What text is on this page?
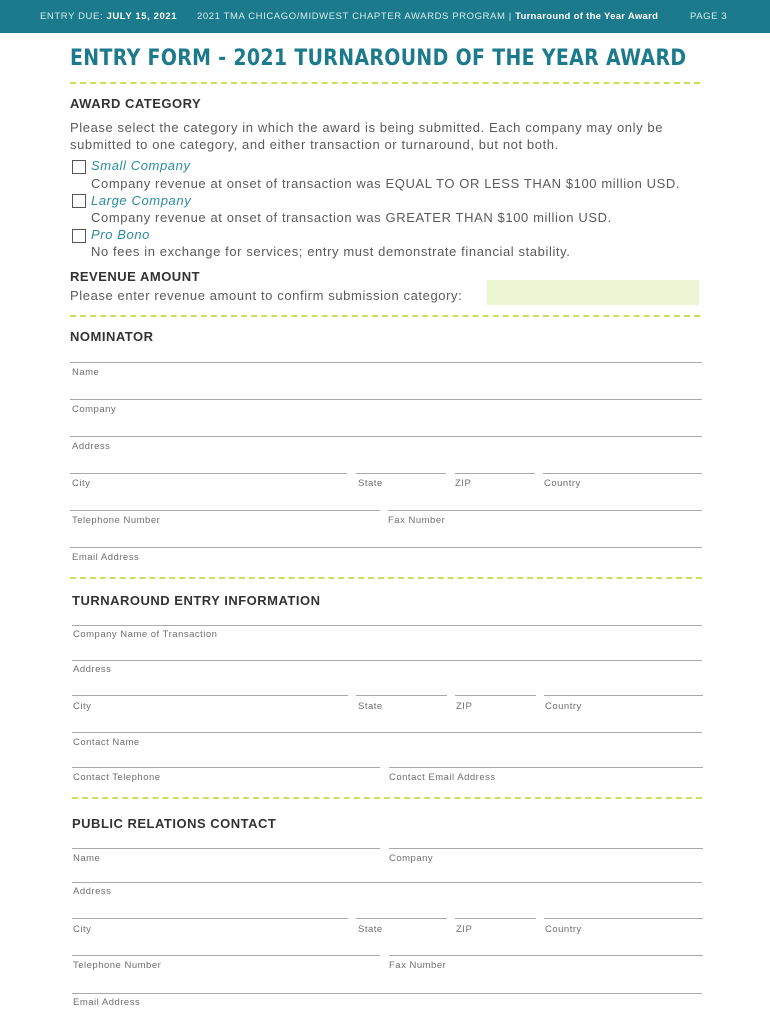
ENTRY DUE: JULY 15, 2021 2021 TMA CHICAGO/MIDWEST CHAPTER AWARDS PROGRAM | Turnaround of the Year Award	PAGE 3
ENTRY FORM - 2021 TURNAROUND OF THE YEAR AWARD
AWARD CATEGORY
Please select the category in which the award is being submitted. Each company may only be
submitted to one category, and either transaction or turnaround, but not both.
Small Company
Company revenue at onset of transaction was EQUAL TO OR LESS THAN $100 million USD.
Large Company
Company revenue at onset of transaction was GREATER THAN $100 million USD.
Pro Bono
No fees in exchange for services; entry must demonstrate financial stability.
REVENUE AMOUNT
Please enter revenue amount to confirm submission category:
NOMINATOR
Name
Company
Address
City	State	ZIP	Country
Telephone Number	Fax Number
Email Address
TURNAROUND ENTRY INFORMATION
Company Name of Transaction
Address
City	State	ZIP	Country
Contact Name
Contact Telephone	Contact Email Address
PUBLIC RELATIONS CONTACT
Name	Company
Address
City	State	ZIP	Country
Telephone Number	Fax Number
Email Address
